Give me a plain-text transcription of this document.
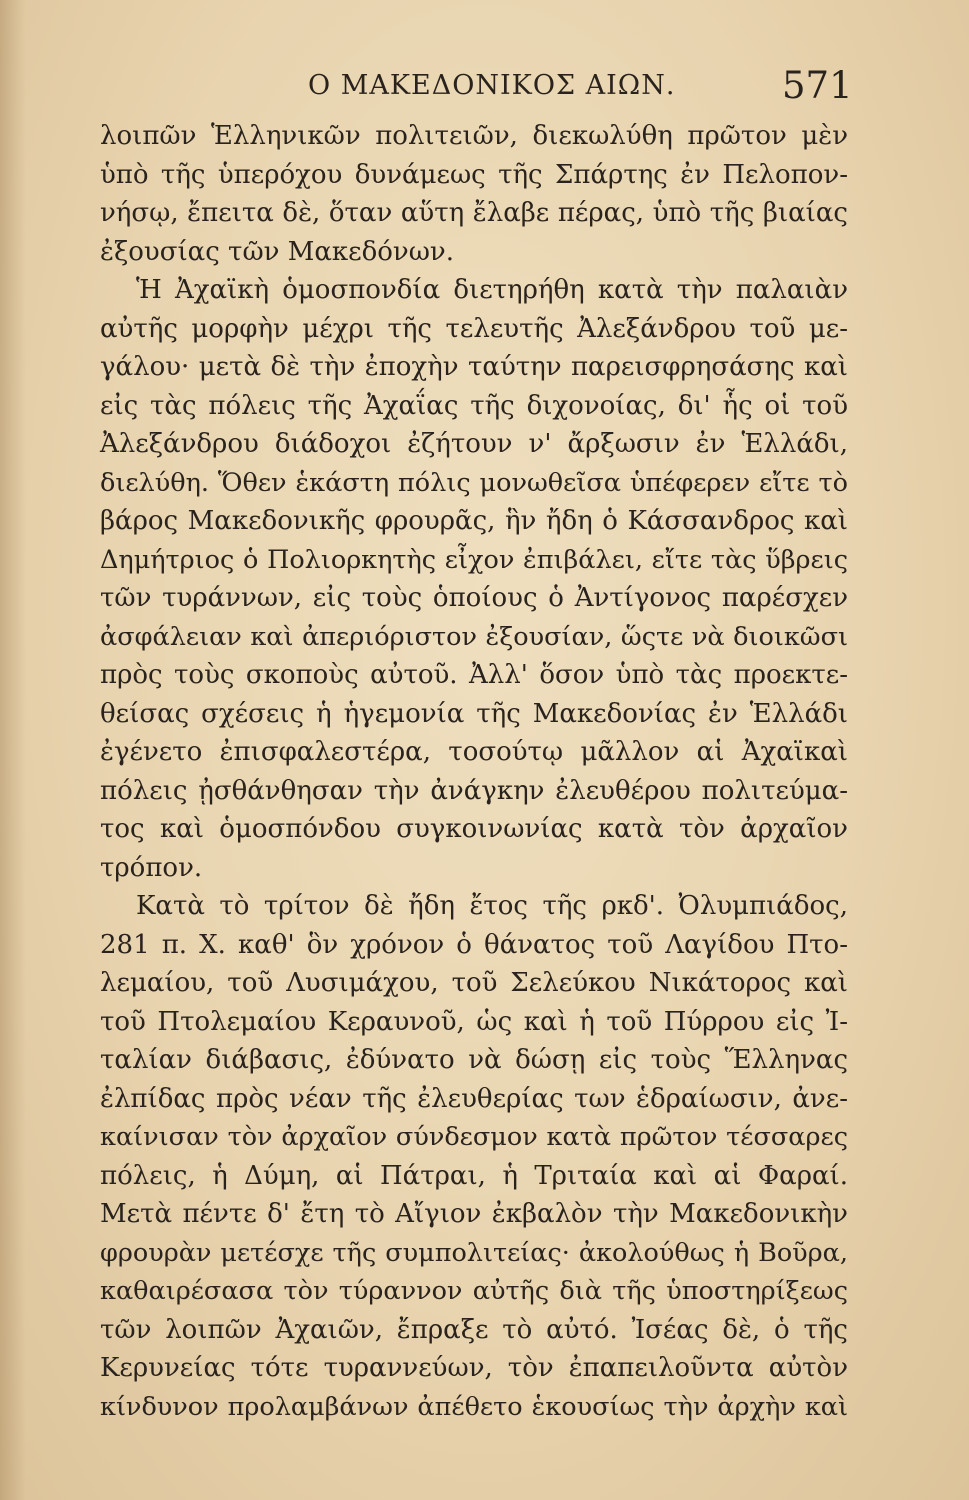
Ο ΜΑΚΕΔΟΝΙΚΟΣ ΑΙΩΝ.	571
λοιπῶν Ἑλληνικῶν πολιτειῶν, διεκωλύθη πρῶτον μὲν
ὑπὸ τῆς ὑπερόχου δυνάμεως τῆς Σπάρτης ἐν Πελοπον-
νήσῳ, ἔπειτα δὲ, ὅταν αὕτη ἔλαβε πέρας, ὑπὸ τῆς βιαίας
ἐξουσίας τῶν Μακεδόνων.
Ἡ Ἀχαϊκὴ ὁμοσπονδία διετηρήθη κατὰ τὴν παλαιὰν
αὐτῆς μορφὴν μέχρι τῆς τελευτῆς Ἀλεξάνδρου τοῦ με-
γάλου· μετὰ δὲ τὴν ἐποχὴν ταύτην παρεισφρησάσης καὶ
εἰς τὰς πόλεις τῆς Ἀχαΐας τῆς διχονοίας, δι' ἧς οἱ τοῦ
Ἀλεξάνδρου διάδοχοι ἐζήτουν ν' ἄρξωσιν ἐν Ἑλλάδι,
διελύθη. Ὅθεν ἑκάστη πόλις μονωθεῖσα ὑπέφερεν εἴτε τὸ
βάρος Μακεδονικῆς φρουρᾶς, ἣν ἤδη ὁ Κάσσανδρος καὶ
Δημήτριος ὁ Πολιορκητὴς εἶχον ἐπιβάλει, εἴτε τὰς ὕβρεις
τῶν τυράννων, εἰς τοὺς ὁποίους ὁ Ἀντίγονος παρέσχεν
ἀσφάλειαν καὶ ἀπεριόριστον ἐξουσίαν, ὥςτε νὰ διοικῶσι
πρὸς τοὺς σκοποὺς αὐτοῦ. Ἀλλ' ὅσον ὑπὸ τὰς προεκτε-
θείσας σχέσεις ἡ ἡγεμονία τῆς Μακεδονίας ἐν Ἑλλάδι
ἐγένετο ἐπισφαλεστέρα, τοσούτῳ μᾶλλον αἱ Ἀχαϊκαὶ
πόλεις ᾐσθάνθησαν τὴν ἀνάγκην ἐλευθέρου πολιτεύμα-
τος καὶ ὁμοσπόνδου συγκοινωνίας κατὰ τὸν ἀρχαῖον
τρόπον.
Κατὰ τὸ τρίτον δὲ ἤδη ἔτος τῆς ρκδ'. Ὀλυμπιάδος,
281 π. Χ. καθ' ὃν χρόνον ὁ θάνατος τοῦ Λαγίδου Πτο-
λεμαίου, τοῦ Λυσιμάχου, τοῦ Σελεύκου Νικάτορος καὶ
τοῦ Πτολεμαίου Κεραυνοῦ, ὡς καὶ ἡ τοῦ Πύρρου εἰς Ἰ-
ταλίαν διάβασις, ἐδύνατο νὰ δώσῃ εἰς τοὺς Ἕλληνας
ἐλπίδας πρὸς νέαν τῆς ἐλευθερίας των ἑδραίωσιν, ἀνε-
καίνισαν τὸν ἀρχαῖον σύνδεσμον κατὰ πρῶτον τέσσαρες
πόλεις, ἡ Δύμη, αἱ Πάτραι, ἡ Τριταία καὶ αἱ Φαραί.
Μετὰ πέντε δ' ἔτη τὸ Αἴγιον ἐκβαλὸν τὴν Μακεδονικὴν
φρουρὰν μετέσχε τῆς συμπολιτείας· ἀκολούθως ἡ Βοῦρα,
καθαιρέσασα τὸν τύραννον αὐτῆς διὰ τῆς ὑποστηρίξεως
τῶν λοιπῶν Ἀχαιῶν, ἔπραξε τὸ αὐτό. Ἰσέας δὲ, ὁ τῆς
Κερυνείας τότε τυραννεύων, τὸν ἐπαπειλοῦντα αὐτὸν
κίνδυνον προλαμβάνων ἀπέθετο ἑκουσίως τὴν ἀρχὴν καὶ
